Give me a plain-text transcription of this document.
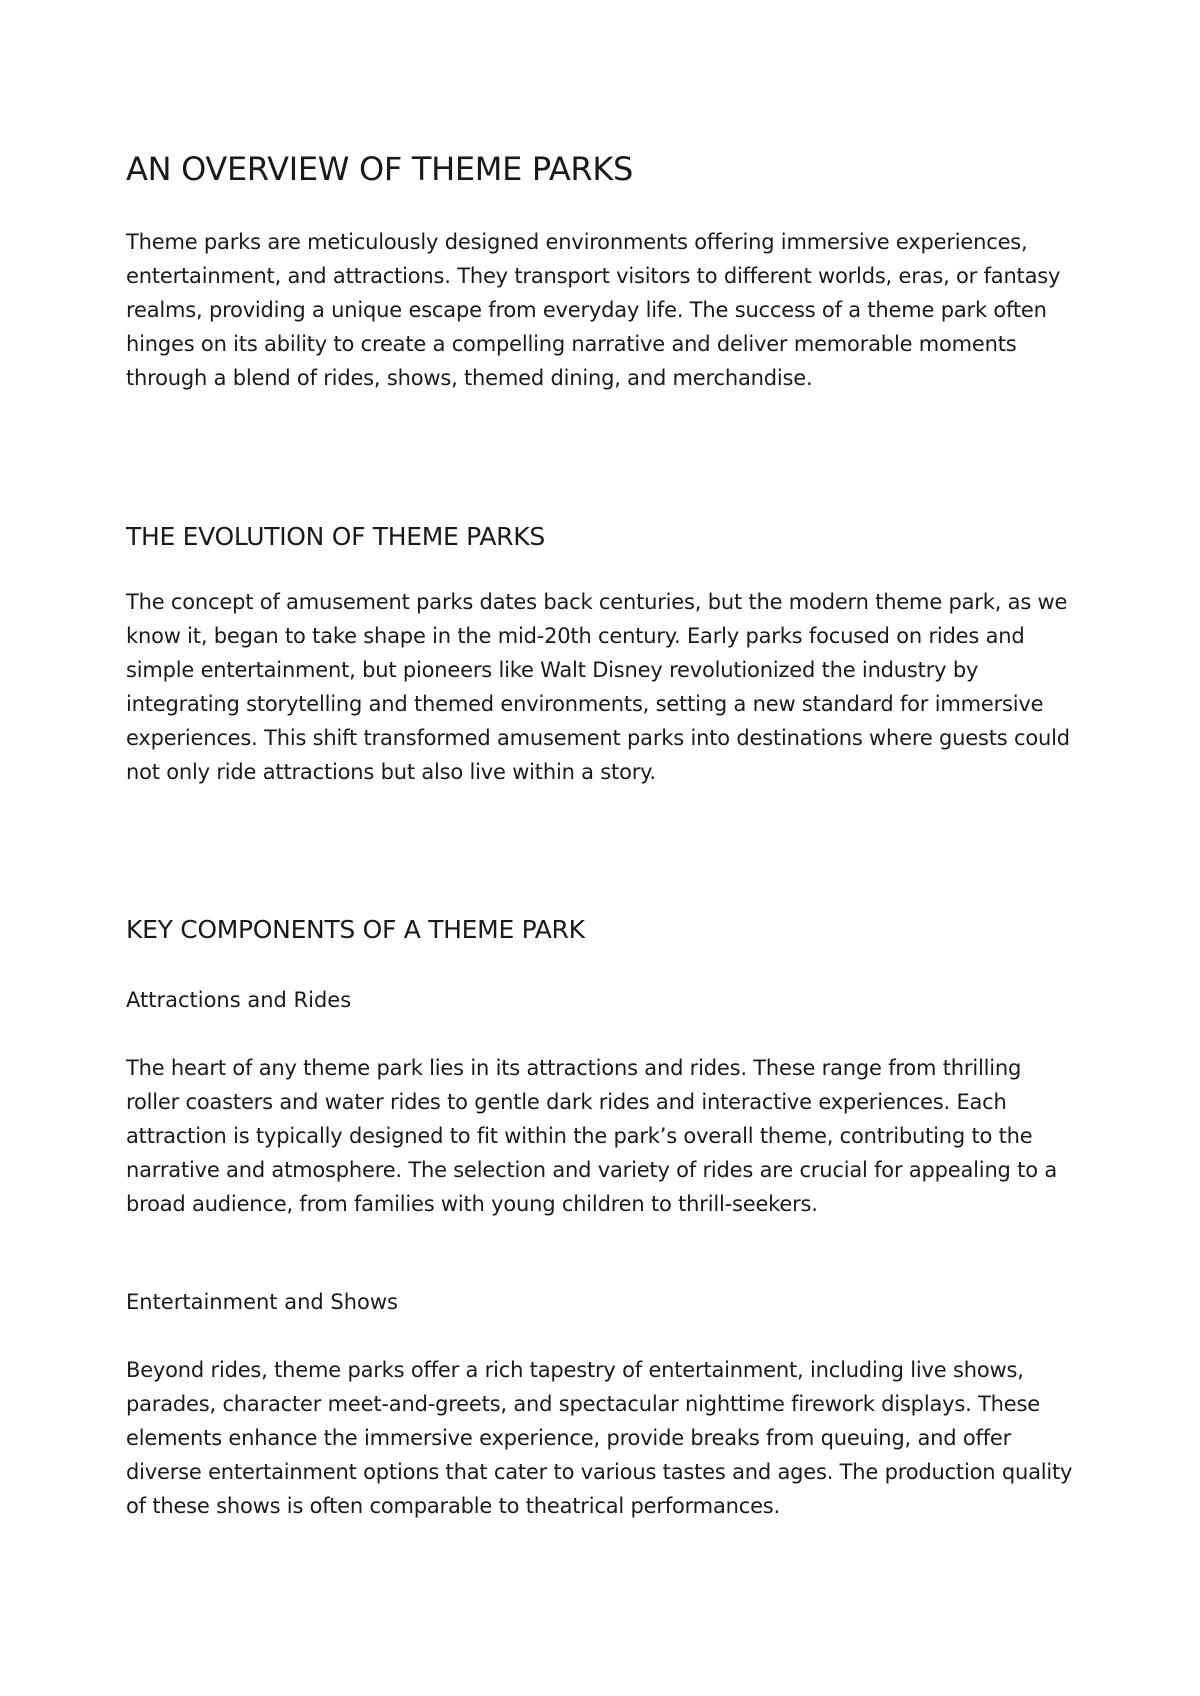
AN OVERVIEW OF THEME PARKS

Theme parks are meticulously designed environments offering immersive experiences, entertainment, and attractions. They transport visitors to different worlds, eras, or fantasy realms, providing a unique escape from everyday life. The success of a theme park often hinges on its ability to create a compelling narrative and deliver memorable moments through a blend of rides, shows, themed dining, and merchandise.

THE EVOLUTION OF THEME PARKS

The concept of amusement parks dates back centuries, but the modern theme park, as we know it, began to take shape in the mid-20th century. Early parks focused on rides and simple entertainment, but pioneers like Walt Disney revolutionized the industry by integrating storytelling and themed environments, setting a new standard for immersive experiences. This shift transformed amusement parks into destinations where guests could not only ride attractions but also live within a story.

KEY COMPONENTS OF A THEME PARK
Attractions and Rides

The heart of any theme park lies in its attractions and rides. These range from thrilling roller coasters and water rides to gentle dark rides and interactive experiences. Each attraction is typically designed to fit within the park’s overall theme, contributing to the narrative and atmosphere. The selection and variety of rides are crucial for appealing to a broad audience, from families with young children to thrill-seekers.

Entertainment and Shows

Beyond rides, theme parks offer a rich tapestry of entertainment, including live shows, parades, character meet-and-greets, and spectacular nighttime firework displays. These elements enhance the immersive experience, provide breaks from queuing, and offer diverse entertainment options that cater to various tastes and ages. The production quality of these shows is often comparable to theatrical performances.
